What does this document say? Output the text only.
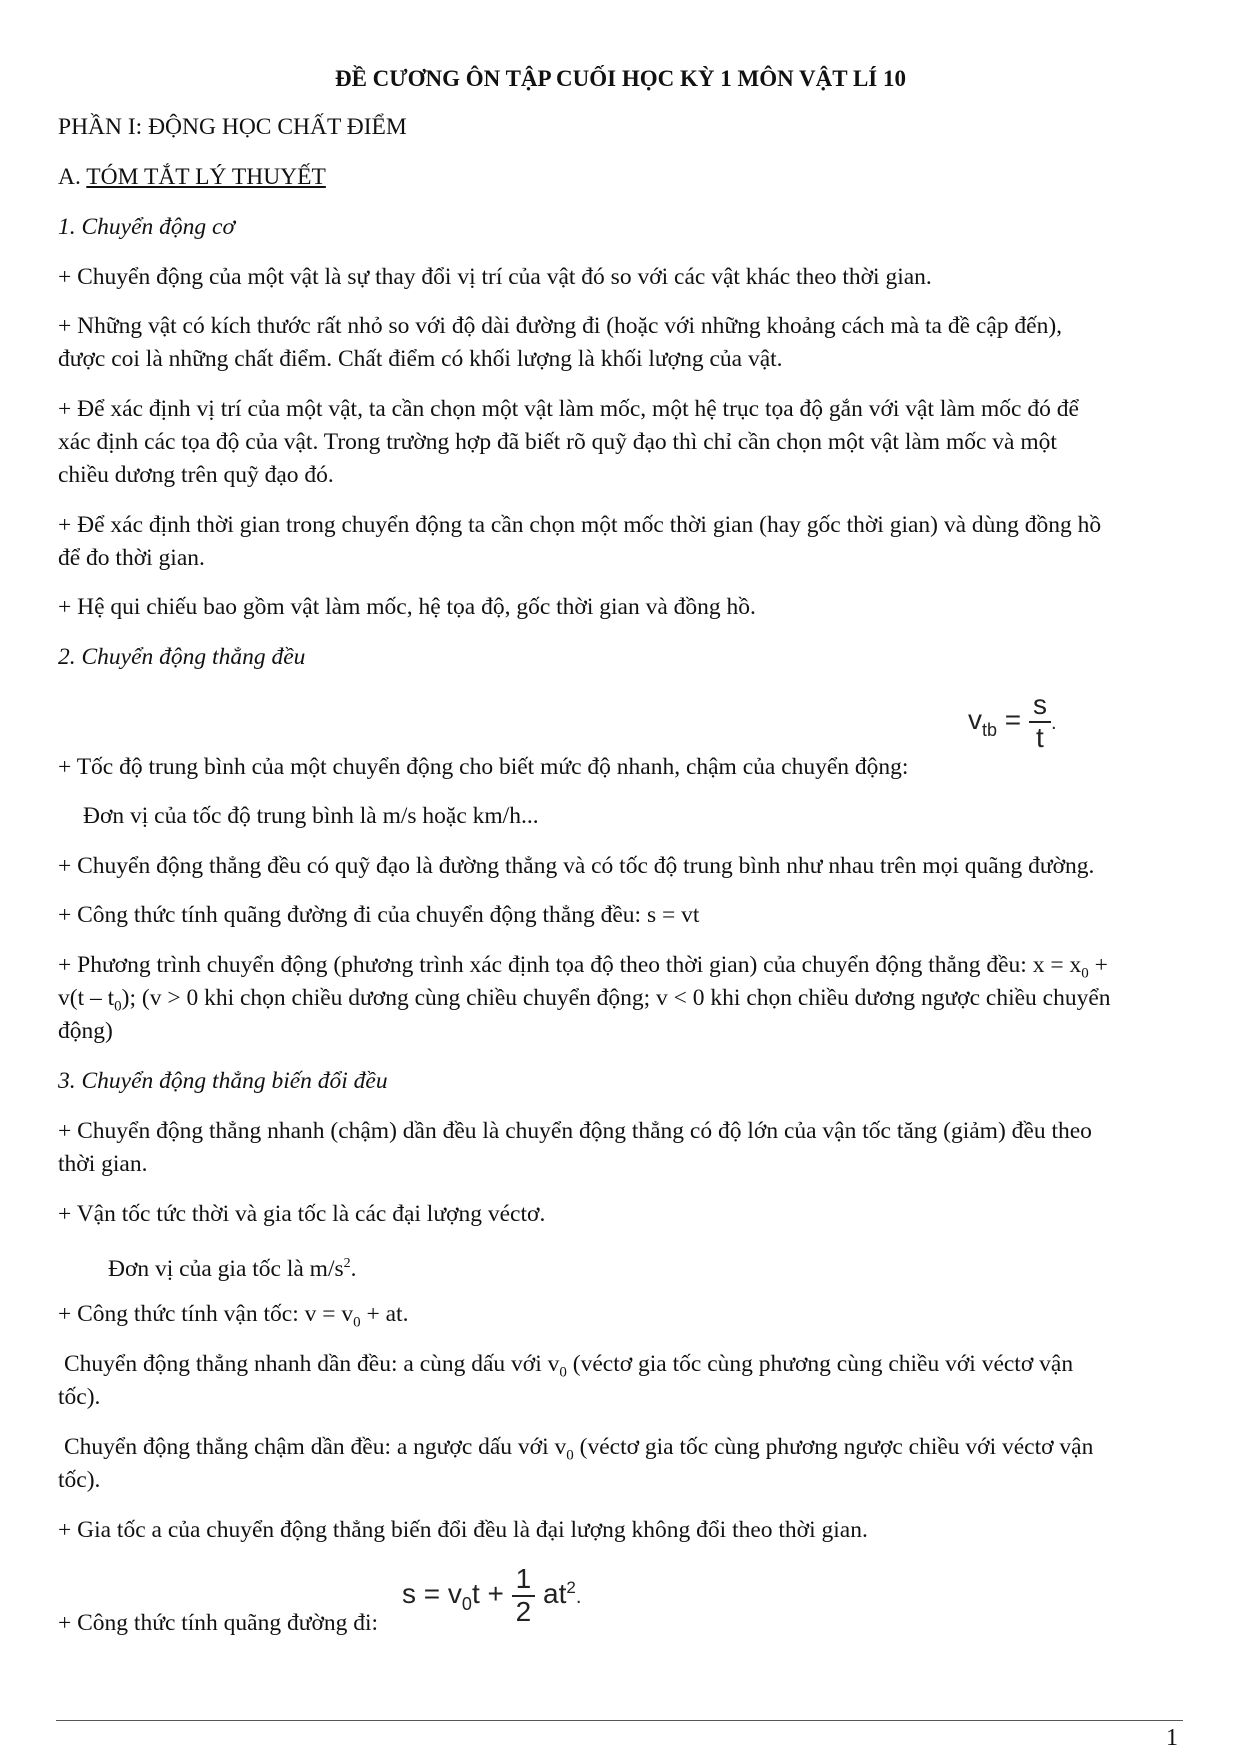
ĐỀ CƯƠNG ÔN TẬP CUỐI HỌC KỲ 1 MÔN VẬT LÍ 10
PHẦN I: ĐỘNG HỌC CHẤT ĐIỂM
A. TÓM TẮT LÝ THUYẾT
1. Chuyển động cơ
+ Chuyển động của một vật là sự thay đổi vị trí của vật đó so với các vật khác theo thời gian.
+ Những vật có kích thước rất nhỏ so với độ dài đường đi (hoặc với những khoảng cách mà ta đề cập đến),
được coi là những chất điểm. Chất điểm có khối lượng là khối lượng của vật.
+ Để xác định vị trí của một vật, ta cần chọn một vật làm mốc, một hệ trục tọa độ gắn với vật làm mốc đó để
xác định các tọa độ của vật. Trong trường hợp đã biết rõ quỹ đạo thì chỉ cần chọn một vật làm mốc và một
chiều dương trên quỹ đạo đó.
+ Để xác định thời gian trong chuyển động ta cần chọn một mốc thời gian (hay gốc thời gian) và dùng đồng hồ
để đo thời gian.
+ Hệ qui chiếu bao gồm vật làm mốc, hệ tọa độ, gốc thời gian và đồng hồ.
2. Chuyển động thẳng đều
+ Tốc độ trung bình của một chuyển động cho biết mức độ nhanh, chậm của chuyển động:
$v_{tb} = \frac{s}{t}$ .
Đơn vị của tốc độ trung bình là m/s hoặc km/h...
+ Chuyển động thẳng đều có quỹ đạo là đường thẳng và có tốc độ trung bình như nhau trên mọi quãng đường.
+ Công thức tính quãng đường đi của chuyển động thẳng đều: s = vt
+ Phương trình chuyển động (phương trình xác định tọa độ theo thời gian) của chuyển động thẳng đều: $x = x_0$ +
$v(t - t_0)$; (v > 0 khi chọn chiều dương cùng chiều chuyển động; v < 0 khi chọn chiều dương ngược chiều chuyển
động)
3. Chuyển động thẳng biến đổi đều
+ Chuyển động thẳng nhanh (chậm) dần đều là chuyển động thẳng có độ lớn của vận tốc tăng (giảm) đều theo
thời gian.
+ Vận tốc tức thời và gia tốc là các đại lượng véctơ.
Đơn vị của gia tốc là $m/s^2$.
+ Công thức tính vận tốc: $v = v_0$ + at.
Chuyển động thẳng nhanh dần đều: a cùng dấu với $v_0$ (véctơ gia tốc cùng phương cùng chiều với véctơ vận
tốc).
Chuyển động thẳng chậm dần đều: a ngược dấu với $v_0$ (véctơ gia tốc cùng phương ngược chiều với véctơ vận
tốc).
+ Gia tốc a của chuyển động thẳng biến đổi đều là đại lượng không đổi theo thời gian.
+ Công thức tính quãng đường đi:
$s = v_0t + \frac{1}{2} at^2$.
1
